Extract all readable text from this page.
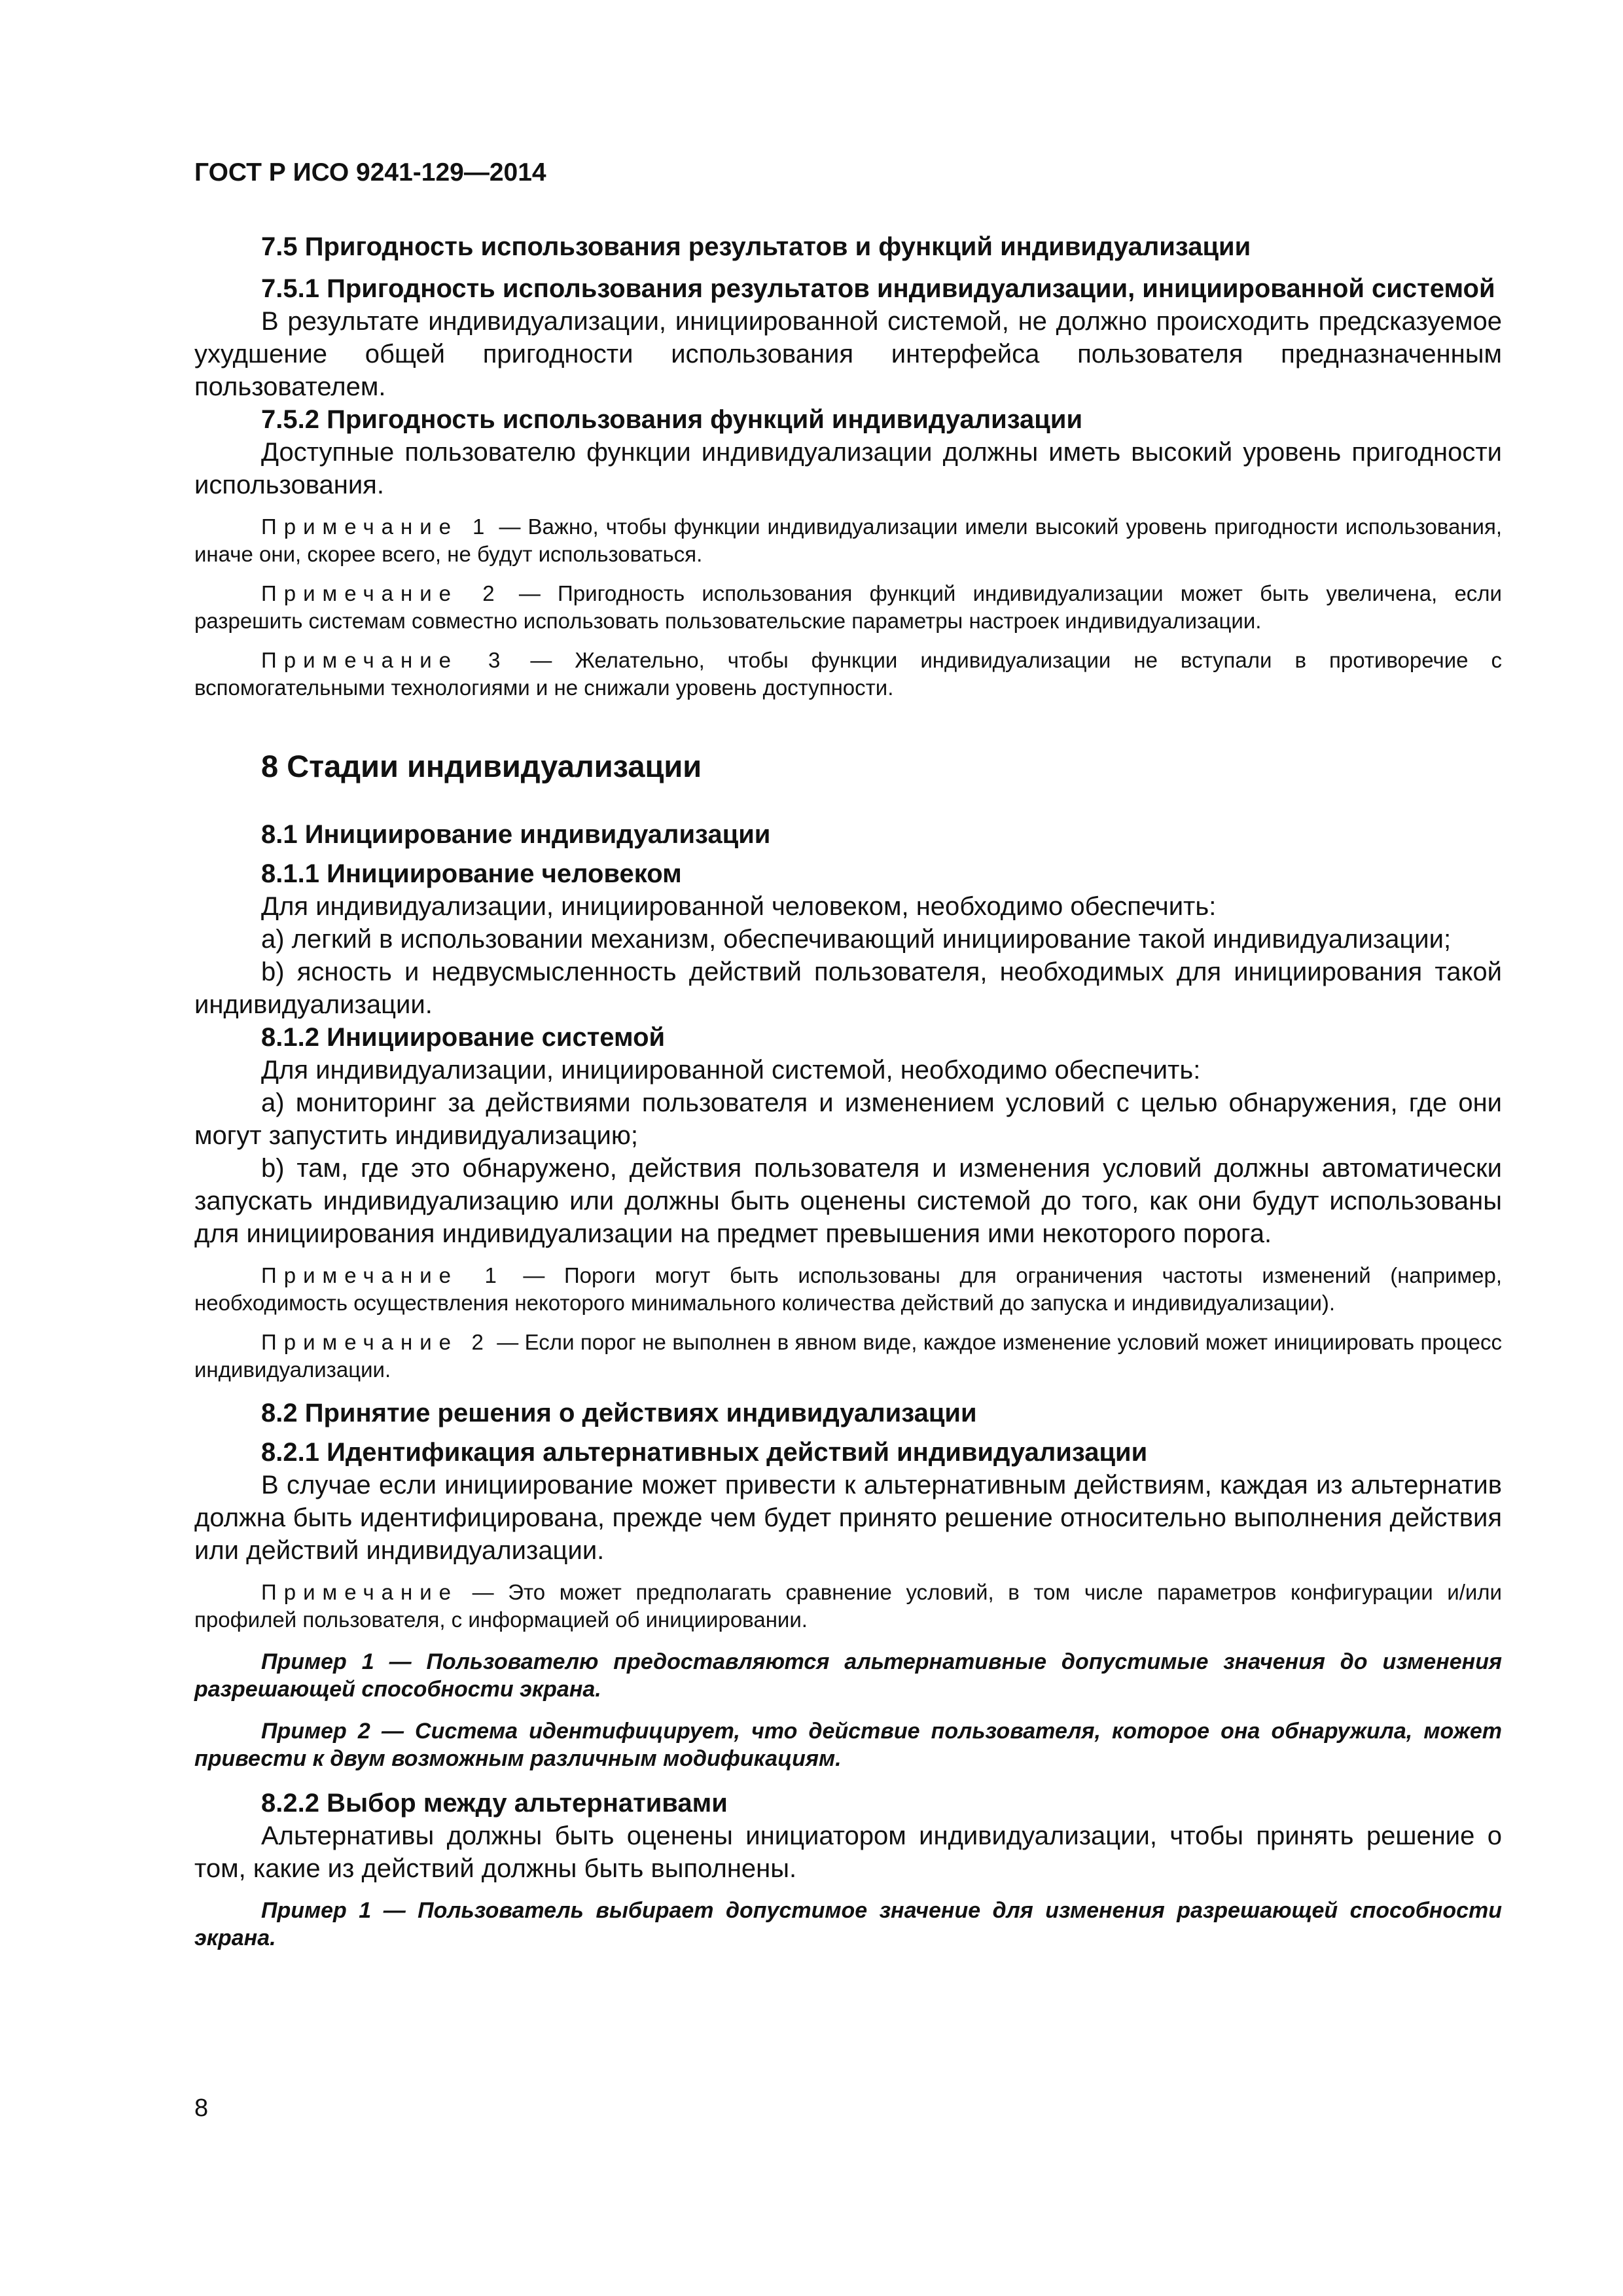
ГОСТ Р ИСО 9241-129—2014

7.5 Пригодность использования результатов и функций индивидуализации

7.5.1 Пригодность использования результатов индивидуализации, инициированной системой

В результате индивидуализации, инициированной системой, не должно происходить предсказуемое ухудшение общей пригодности использования интерфейса пользователя предназначенным пользователем.

7.5.2 Пригодность использования функций индивидуализации

Доступные пользователю функции индивидуализации должны иметь высокий уровень пригодности использования.

Примечание 1 — Важно, чтобы функции индивидуализации имели высокий уровень пригодности использования, иначе они, скорее всего, не будут использоваться.

Примечание 2 — Пригодность использования функций индивидуализации может быть увеличена, если разрешить системам совместно использовать пользовательские параметры настроек индивидуализации.

Примечание 3 — Желательно, чтобы функции индивидуализации не вступали в противоречие с вспомогательными технологиями и не снижали уровень доступности.

8 Стадии индивидуализации

8.1 Инициирование индивидуализации

8.1.1 Инициирование человеком

Для индивидуализации, инициированной человеком, необходимо обеспечить:

a) легкий в использовании механизм, обеспечивающий инициирование такой индивидуализации;

b) ясность и недвусмысленность действий пользователя, необходимых для инициирования такой индивидуализации.

8.1.2 Инициирование системой

Для индивидуализации, инициированной системой, необходимо обеспечить:

a) мониторинг за действиями пользователя и изменением условий с целью обнаружения, где они могут запустить индивидуализацию;

b) там, где это обнаружено, действия пользователя и изменения условий должны автоматически запускать индивидуализацию или должны быть оценены системой до того, как они будут использованы для инициирования индивидуализации на предмет превышения ими некоторого порога.

Примечание 1 — Пороги могут быть использованы для ограничения частоты изменений (например, необходимость осуществления некоторого минимального количества действий до запуска и индивидуализации).

Примечание 2 — Если порог не выполнен в явном виде, каждое изменение условий может инициировать процесс индивидуализации.

8.2 Принятие решения о действиях индивидуализации

8.2.1 Идентификация альтернативных действий индивидуализации

В случае если инициирование может привести к альтернативным действиям, каждая из альтернатив должна быть идентифицирована, прежде чем будет принято решение относительно выполнения действия или действий индивидуализации.

Примечание — Это может предполагать сравнение условий, в том числе параметров конфигурации и/или профилей пользователя, с информацией об инициировании.

Пример 1 — Пользователю предоставляются альтернативные допустимые значения до изменения разрешающей способности экрана.

Пример 2 — Система идентифицирует, что действие пользователя, которое она обнаружила, может привести к двум возможным различным модификациям.

8.2.2 Выбор между альтернативами

Альтернативы должны быть оценены инициатором индивидуализации, чтобы принять решение о том, какие из действий должны быть выполнены.

Пример 1 — Пользователь выбирает допустимое значение для изменения разрешающей способности экрана.

8
